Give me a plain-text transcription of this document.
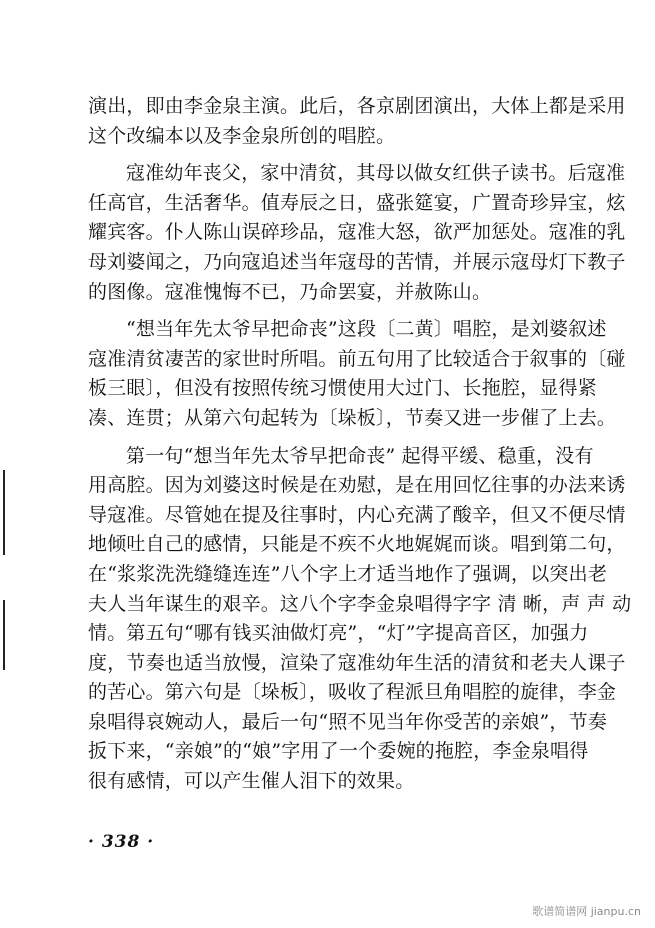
演出，即由李金泉主演。此后，各京剧团演出，大体上都是采用
这个改编本以及李金泉所创的唱腔。
寇准幼年丧父，家中清贫，其母以做女红供子读书。后寇准
任高官，生活奢华。值寿辰之日，盛张筵宴，广置奇珍异宝，炫
耀宾客。仆人陈山误碎珍品，寇准大怒，欲严加惩处。寇准的乳
母刘婆闻之，乃向寇追述当年寇母的苦情，并展示寇母灯下教子
的图像。寇准愧悔不已，乃命罢宴，并赦陈山。
“想当年先太爷早把命丧”这段〔二黄〕唱腔，是刘婆叙述
寇准清贫凄苦的家世时所唱。前五句用了比较适合于叙事的〔碰
板三眼〕，但没有按照传统习惯使用大过门、长拖腔，显得紧
凑、连贯；从第六句起转为〔垛板〕，节奏又进一步催了上去。
第一句“想当年先太爷早把命丧” 起得平缓、稳重，没有
用高腔。因为刘婆这时候是在劝慰，是在用回忆往事的办法来诱
导寇准。尽管她在提及往事时，内心充满了酸辛，但又不便尽情
地倾吐自己的感情，只能是不疾不火地娓娓而谈。唱到第二句，
在“浆浆洗洗缝缝连连”八个字上才适当地作了强调，以突出老
夫人当年谋生的艰辛。这八个字李金泉唱得字字 清 晰，声 声 动
情。第五句“哪有钱买油做灯亮”，“灯”字提高音区，加强力
度，节奏也适当放慢，渲染了寇准幼年生活的清贫和老夫人课子
的苦心。第六句是〔垛板〕，吸收了程派旦角唱腔的旋律，李金
泉唱得哀婉动人，最后一句“照不见当年你受苦的亲娘”，节奏
扳下来，“亲娘”的“娘”字用了一个委婉的拖腔，李金泉唱得
很有感情，可以产生催人泪下的效果。
· 338 ·
歌谱简谱网 jianpu.cn
